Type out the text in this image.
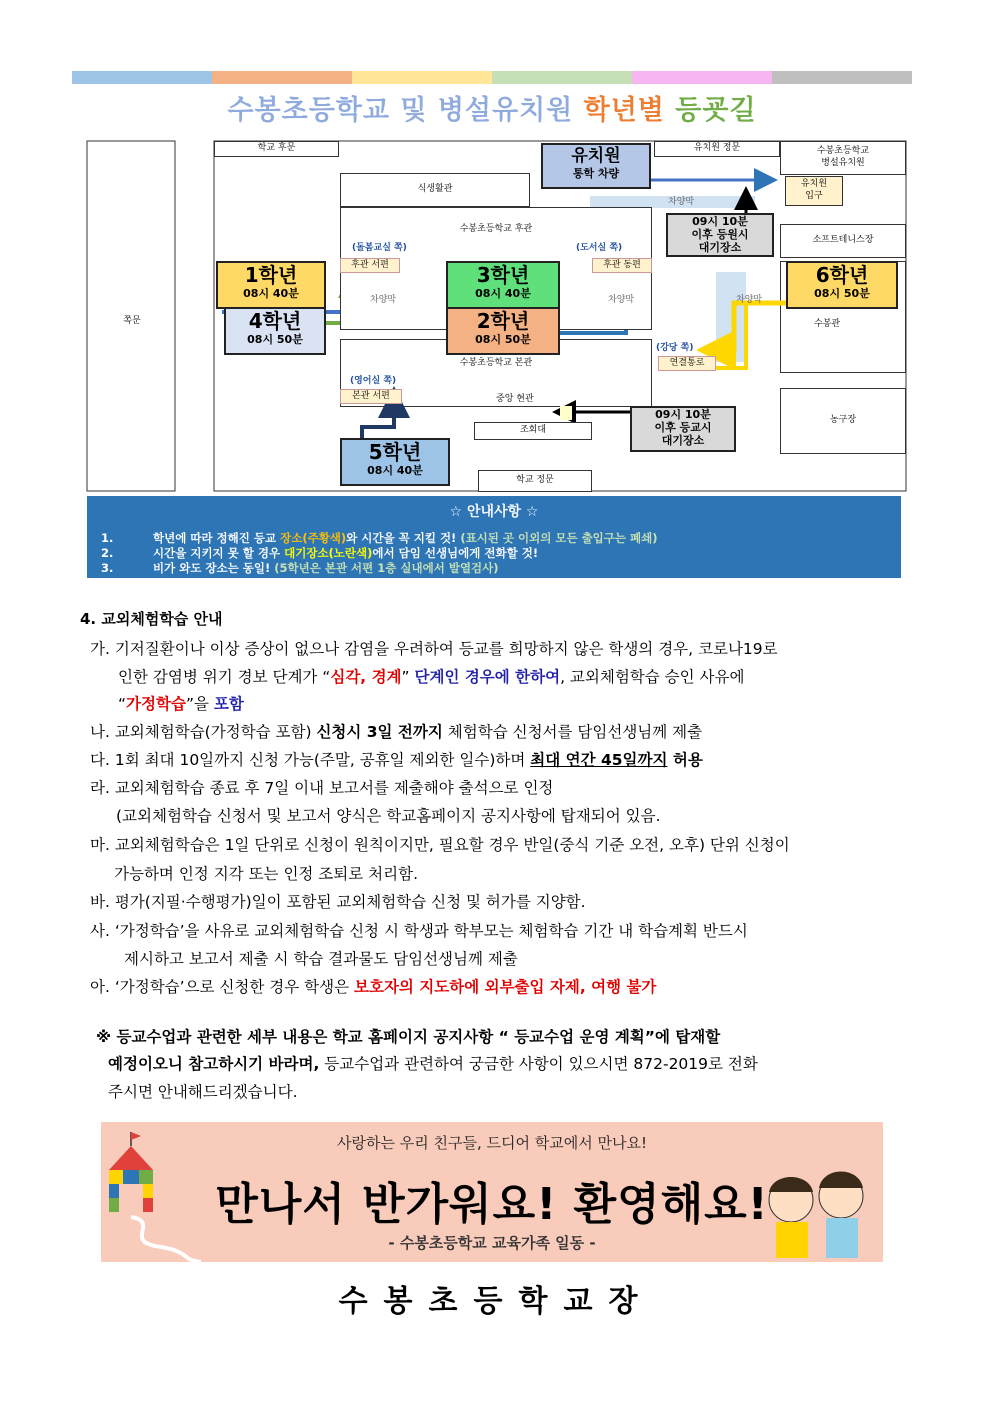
수봉초등학교 및 병설유치원 학년별 등굣길
학교 후문
식생활관
유치원
통학 차량
유치원 정문	수봉초등학교
병설유치원
유치원
입구
차양막
09시 10분
이후 등원시
대기장소
소프트테니스장
수봉초등학교 후관
(돌봄교실 쪽)	(도서실 쪽)
후관 서편	후관 동편
차양막	차양막	차양막
쪽문
1학년
08시 40분
4학년
08시 50분
3학년
08시 40분
2학년
08시 50분
6학년
08시 50분
수봉관
수봉초등학교 본관
(강당 쪽)
연결통로
(영어실 쪽)
본관 서편	중앙 현관
조회대
09시 10분
이후 등교시
대기장소
농구장
5학년
08시 40분
학교 정문
☆ 안내사항 ☆
1.	학년에 따라 정해진 등교 장소(주황색)와 시간을 꼭 지킬 것! (표시된 곳 이외의 모든 출입구는 폐쇄)
2.	시간을 지키지 못 할 경우 대기장소(노란색)에서 담임 선생님에게 전화할 것!
3.	비가 와도 장소는 동일! (5학년은 본관 서편 1층 실내에서 발열검사)
4. 교외체험학습 안내
가. 기저질환이나 이상 증상이 없으나 감염을 우려하여 등교를 희망하지 않은 학생의 경우, 코로나19로
인한 감염병 위기 경보 단계가 “심각, 경계” 단계인 경우에 한하여, 교외체험학습 승인 사유에
“가정학습”을 포함
나. 교외체험학습(가정학습 포함) 신청시 3일 전까지 체험학습 신청서를 담임선생님께 제출
다. 1회 최대 10일까지 신청 가능(주말, 공휴일 제외한 일수)하며 최대 연간 45일까지 허용
라. 교외체험학습 종료 후 7일 이내 보고서를 제출해야 출석으로 인정
(교외체험학습 신청서 및 보고서 양식은 학교홈페이지 공지사항에 탑재되어 있음.
마. 교외체험학습은 1일 단위로 신청이 원칙이지만, 필요할 경우 반일(중식 기준 오전, 오후) 단위 신청이
가능하며 인정 지각 또는 인정 조퇴로 처리함.
바. 평가(지필·수행평가)일이 포함된 교외체험학습 신청 및 허가를 지양함.
사. ‘가정학습’을 사유로 교외체험학습 신청 시 학생과 학부모는 체험학습 기간 내 학습계획 반드시
제시하고 보고서 제출 시 학습 결과물도 담임선생님께 제출
아. ‘가정학습’으로 신청한 경우 학생은 보호자의 지도하에 외부출입 자제, 여행 불가
※ 등교수업과 관련한 세부 내용은 학교 홈페이지 공지사항 “ 등교수업 운영 계획”에 탑재할
예정이오니 참고하시기 바라며, 등교수업과 관련하여 궁금한 사항이 있으시면 872-2019로 전화
주시면 안내해드리겠습니다.
사랑하는 우리 친구들, 드디어 학교에서 만나요!
만나서 반가워요! 환영해요!
- 수봉초등학교 교육가족 일동 -
수봉초등학교장
